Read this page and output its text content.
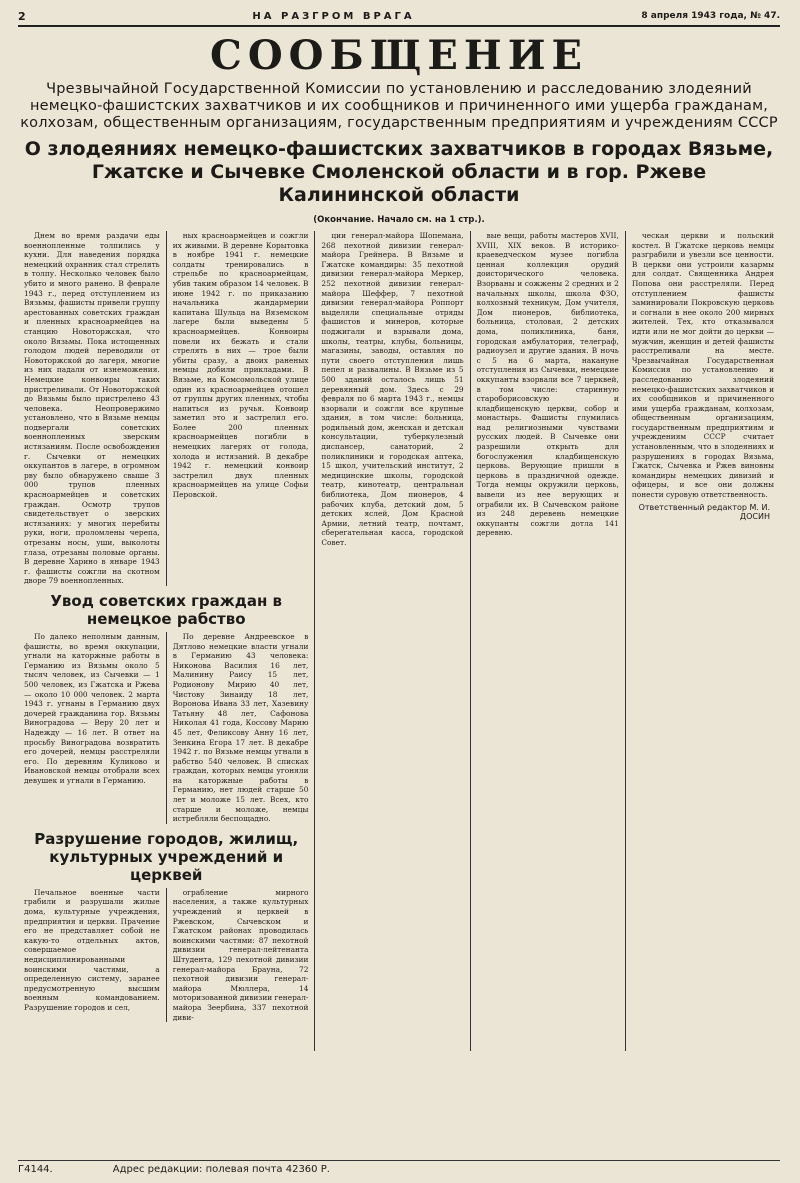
2	НА РАЗГРОМ ВРАГА	8 апреля 1943 года, № 47.
СООБЩЕНИЕ
Чрезвычайной Государственной Комиссии по установлению и расследованию злодеяний немецко-фашистских захватчиков и их сообщников и причиненного ими ущерба гражданам, колхозам, общественным организациям, государственным предприятиям и учреждениям СССР
О злодеяниях немецко-фашистских захватчиков в городах Вязьме, Гжатске и Сычевке Смоленской области и в гор. Ржеве Калининской области
(Окончание. Начало см. на 1 стр.).

Днем во время раздачи еды военнопленные толпились у кухни. Для наведения порядка немецкий охранник стал стрелять в толпу. Несколько человек было убито и много ранено. В феврале 1943 г., перед отступлением из Вязьмы, фашисты привели группу арестованных советских граждан и пленных красноармейцев на станцию Новоторжская, что около Вязьмы. Пока истощенных голодом людей переводили от Новоторжской до лагеря, многие из них падали от изнеможения. Немецкие конвоиры таких пристреливали. От Новоторжской до Вязьмы было пристрелено 43 человека. Неопровержимо установлено, что в Вязьме немцы подвергали советских военнопленных зверским истязаниям. После освобождения г. Сычевки от немецких оккупантов в лагере, в огромном рву было обнаружено свыше 3 000 трупов пленных красноармейцев и советских граждан. Осмотр трупов свидетельствует о зверских истязаниях: у многих перебиты руки, ноги, проломлены черепа, отрезаны носы, уши, выколоты глаза, отрезаны половые органы. В деревне Харино в январе 1943 г. фашисты сожгли на скотном дворе 79 военнопленных.

ных красноармейцев и сожгли их живыми. В деревне Корытовка в ноябре 1941 г. немецкие солдаты тренировались в стрельбе по красноармейцам, убив таким образом 14 человек. В июне 1942 г. по приказанию начальника жандармерии капитана Шульца на Вяземском лагере были выведены 5 красноармейцев. Конвоиры повели их бежать и стали стрелять в них — трое были убиты сразу, а двоих раненых немцы добили прикладами. В Вязьме, на Комсомольской улице один из красноармейцев отошел от группы других пленных, чтобы напиться из ручья. Конвоир заметил это и застрелил его. Более 200 пленных красноармейцев погибли в немецких лагерях от голода, холода и истязаний. В декабре 1942 г. немецкий конвоир застрелил двух пленных красноармейцев на улице Софьи Перовской.

Увод советских граждан в немецкое рабство

По далеко неполным данным, фашисты, во время оккупации, угнали на каторжные работы в Германию из Вязьмы около 5 тысяч человек, из Сычевки — 1 500 человек, из Гжатска и Ржева — около 10 000 человек. 2 марта 1943 г. угнаны в Германию двух дочерей гражданина гор. Вязьмы Виноградова — Веру 20 лет и Надежду — 16 лет. В ответ на просьбу Виноградова возвратить его дочерей, немцы расстреляли его. По деревням Куликово и Ивановской немцы отобрали всех девушек и угнали в Германию.

По деревне Андреевское в Дятлово немецкие власти угнали в Германию 43 человека: Никонова Василия 16 лет, Малинину Раису 15 лет, Родионову Мирию 40 лет, Чистову Зинаиду 18 лет, Воронова Ивана 33 лет, Хазевину Татьяну 48 лет, Сафонова Николая 41 года, Коссову Марию 45 лет, Феликсову Анну 16 лет, Зенкина Егора 17 лет. В декабре 1942 г. по Вязьме немцы угнали в рабство 540 человек. В списках граждан, которых немцы угоняли на каторжные работы в Германию, нет людей старше 50 лет и моложе 15 лет. Всех, кто старше и моложе, немцы истребляли беспощадно.

Разрушение городов, жилищ, культурных учреждений и церквей

Печальное военные части грабили и разрушали жилые дома, культурные учреждения, предприятия и церкви. Прачение его не представляет собой не какую-то отдельных актов, совершаемое недисциплинированными воинскими частями, а определенную систему, заранее предусмотренную высшим военным командованием. Разрушение городов и сел,

ограбление мирного населения, а также культурных учреждений и церквей в Ржевском, Сычевском и Гжатском районах проводилась воинскими частями: 87 пехотной дивизии генерал-лейтенанта Штудента, 129 пехотной дивизии генерал-майора Брауна, 72 пехотной дивизии генерал-майора Мюллера, 14 моторизованной дивизии генерал-майора Зеербина, 337 пехотной диви-

ции генерал-майора Шопемана, 268 пехотной дивизии генерал-майора Грейнера. В Вязьме и Гжатске командиры: 35 пехотной дивизии генерал-майора Меркер, 252 пехотной дивизии генерал-майора Шеффер, 7 пехотной дивизии генерал-майора Роппорт выделяли специальные отряды фашистов и минеров, которые поджигали и взрывали дома, школы, театры, клубы, больницы, магазины, заводы, оставляя по пути своего отступления лишь пепел и развалины. В Вязьме из 5 500 зданий осталось лишь 51 деревянный дом. Здесь с 29 февраля по 6 марта 1943 г., немцы взорвали и сожгли все крупные здания, в том числе: больница, родильный дом, женская и детская консультации, туберкулезный диспансер, санаторий, 2 поликлиники и городская аптека, 15 школ, учительский институт, 2 медицинские школы, городской театр, кинотеатр, центральная библиотека, Дом пионеров, 4 рабочих клуба, детский дом, 5 детских яслей, Дом Красной Армии, летний театр, почтамт, сберегательная касса, городской Совет.

вые вещи, работы мастеров XVII, XVIII, XIX веков. В историко-краеведческом музее погибла ценная коллекция орудий доисторического человека. Взорваны и сожжены 2 средних и 2 начальных школы, школа ФЗО, колхозный техникум, Дом учителя, Дом пионеров, библиотека, больница, столовая, 2 детских дома, поликлиника, баня, городская амбулатория, телеграф, радиоузел и другие здания. В ночь с 5 на 6 марта, накануне отступления из Сычевки, немецкие оккупанты взорвали все 7 церквей, в том числе: старинную староборисовскую и кладбищенскую церкви, собор и монастырь. Фашисты глумились над религиозными чувствами русских людей. В Сычевке они разрешили открыть для богослужения кладбищенскую церковь. Верующие пришли в церковь в праздничной одежде. Тогда немцы окружили церковь, вывели из нее верующих и ограбили их. В Сычевском районе из 248 деревень немецкие оккупанты сожгли дотла 141 деревню.

ческая церкви и польский костел. В Гжатске церковь немцы разграбили и увезли все ценности. В церкви они устроили казармы для солдат. Священника Андрея Попова они расстреляли. Перед отступлением фашисты заминировали Покровскую церковь и согнали в нее около 200 мирных жителей. Тех, кто отказывался идти или не мог дойти до церкви — мужчин, женщин и детей фашисты расстреливали на месте. Чрезвычайная Государственная Комиссия по установлению и расследованию злодеяний немецко-фашистских захватчиков и их сообщников и причиненного ими ущерба гражданам, колхозам, общественным организациям, государственным предприятиям и учреждениям СССР считает установленным, что в злодеяниях и разрушениях в городах Вязьма, Гжатск, Сычевка и Ржев виновны командиры немецких дивизий и офицеры, и все они должны понести суровую ответственность.

Ответственный редактор М. И. ДОСИН
Г4144.	Адрес редакции: полевая почта 42360 Р.
